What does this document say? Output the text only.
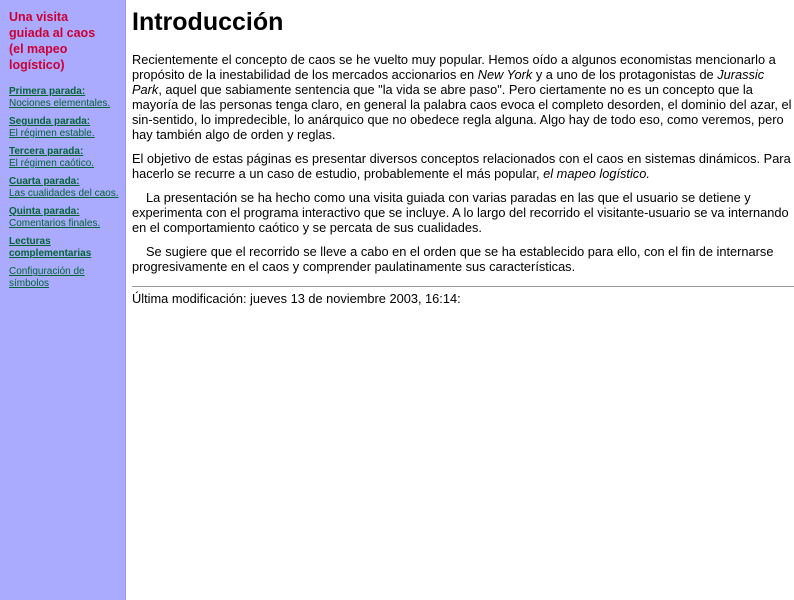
Una visita guiada al caos (el mapeo logístico)
Primera parada:
Nociones elementales.
Segunda parada:
El régimen estable.
Tercera parada:
El régimen caótico.
Cuarta parada:
Las cualidades del caos.
Quinta parada:
Comentarios finales.
Lecturas complementarias
Configuración de símbolos
Introducción

Recientemente el concepto de caos se he vuelto muy popular. Hemos oído a algunos economistas mencionarlo a propósito de la inestabilidad de los mercados accionarios en New York y a uno de los protagonistas de Jurassic Park, aquel que sabiamente sentencia que "la vida se abre paso". Pero ciertamente no es un concepto que la mayoría de las personas tenga claro, en general la palabra caos evoca el completo desorden, el dominio del azar, el sin-sentido, lo impredecible, lo anárquico que no obedece regla alguna. Algo hay de todo eso, como veremos, pero hay también algo de orden y reglas.

El objetivo de estas páginas es presentar diversos conceptos relacionados con el caos en sistemas dinámicos. Para hacerlo se recurre a un caso de estudio, probablemente el más popular, el mapeo logístico.

La presentación se ha hecho como una visita guiada con varias paradas en las que el usuario se detiene y experimenta con el programa interactivo que se incluye. A lo largo del recorrido el visitante-usuario se va internando en el comportamiento caótico y se percata de sus cualidades.

Se sugiere que el recorrido se lleve a cabo en el orden que se ha establecido para ello, con el fin de internarse progresivamente en el caos y comprender paulatinamente sus características.

Última modificación: jueves 13 de noviembre 2003, 16:14:
